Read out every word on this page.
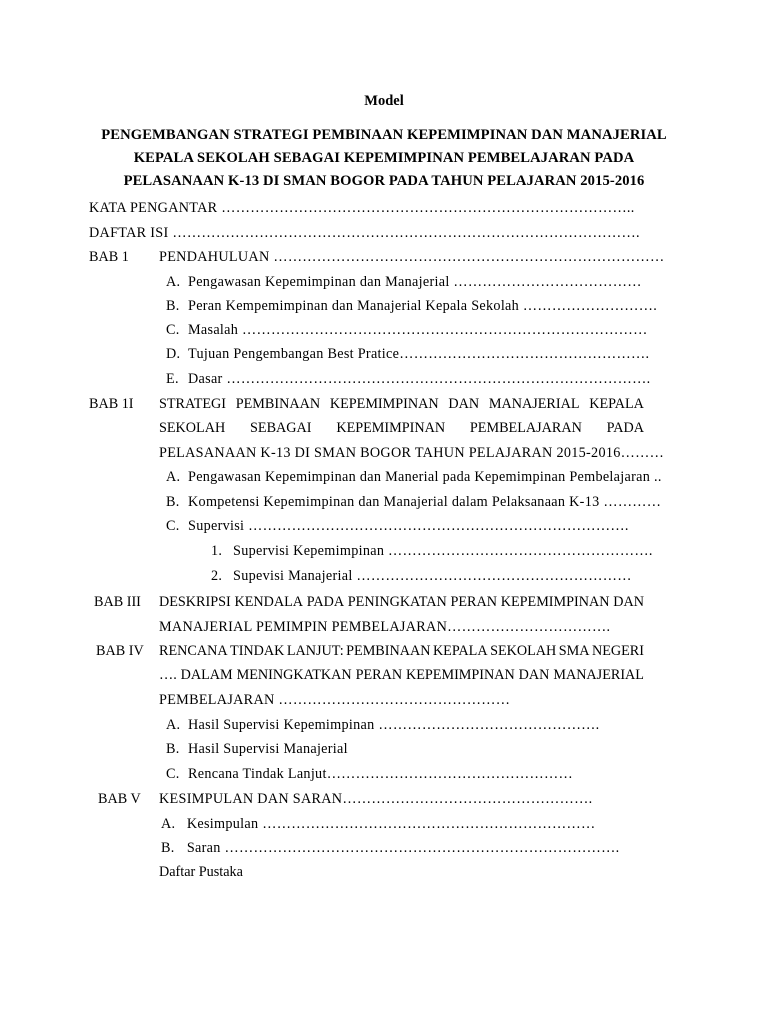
Model
PENGEMBANGAN STRATEGI PEMBINAAN KEPEMIMPINAN DAN MANAJERIAL
KEPALA SEKOLAH SEBAGAI KEPEMIMPINAN PEMBELAJARAN PADA
PELASANAAN K-13 DI SMAN BOGOR PADA TAHUN PELAJARAN 2015-2016
KATA PENGANTAR …………………………………………………………………………..
DAFTAR ISI …………………………………………………………………………………….
BAB 1 PENDAHULUAN ………………………………………………………………………
A. Pengawasan Kepemimpinan dan Manajerial …………………………………
B. Peran Kempemimpinan dan Manajerial Kepala Sekolah ……………………….
C. Masalah …………………………………………………………………………
D. Tujuan Pengembangan Best Pratice…………………………………………….
E. Dasar …………………………………………………………………………….
BAB 1I STRATEGI PEMBINAAN KEPEMIMPINAN DAN MANAJERIAL KEPALA
SEKOLAH SEBAGAI KEPEMIMPINAN PEMBELAJARAN PADA
PELASANAAN K-13 DI SMAN BOGOR TAHUN PELAJARAN 2015-2016………
A. Pengawasan Kepemimpinan dan Manerial pada Kepemimpinan Pembelajaran ..
B. Kompetensi Kepemimpinan dan Manajerial dalam Pelaksanaan K-13 …………
C. Supervisi …………………………………………………………………….
1. Supervisi Kepemimpinan ……………………………………………….
2. Supevisi Manajerial …………………………………………………
BAB III DESKRIPSI KENDALA PADA PENINGKATAN PERAN KEPEMIMPINAN DAN
MANAJERIAL PEMIMPIN PEMBELAJARAN…………………………….
BAB IV RENCANA TINDAK LANJUT: PEMBINAAN KEPALA SEKOLAH SMA NEGERI
…. DALAM MENINGKATKAN PERAN KEPEMIMPINAN DAN MANAJERIAL
PEMBELAJARAN …………………………………………
A. Hasil Supervisi Kepemimpinan ……………………………………….
B. Hasil Supervisi Manajerial
C. Rencana Tindak Lanjut……………………………………………
BAB V KESIMPULAN DAN SARAN…………………………………………….
A. Kesimpulan ……………………………………………………………
B. Saran ……………………………………………………………………….
Daftar Pustaka
